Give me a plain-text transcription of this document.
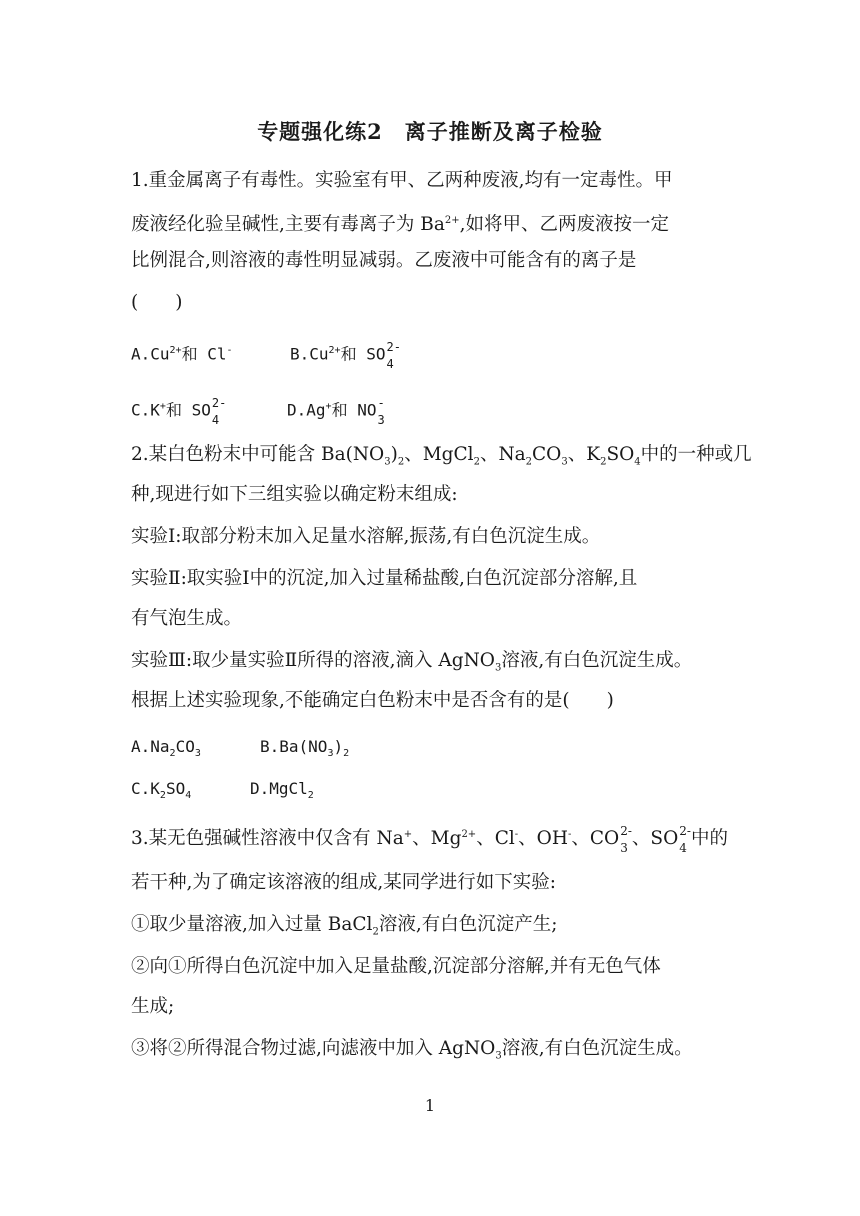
专题强化练2　离子推断及离子检验
1.重金属离子有毒性。实验室有甲、乙两种废液,均有一定毒性。甲
废液经化验呈碱性,主要有毒离子为 $Ba^{2+}$,如将甲、乙两废液按一定
比例混合,则溶液的毒性明显减弱。乙废液中可能含有的离子是
(　　)
$A.Cu^{2+}$和 Cl-	$B.Cu^{2+}$和 SO 2-
4
C.K+和 SO 2-
4
D.Ag+和 NO -
3
2.某白色粉末中可能含 $Ba(NO_3)_2$、MgCl$_2$、$Na_2CO_3$、$K_2SO_4$中的一种或几
种,现进行如下三组实验以确定粉末组成:
实验Ⅰ:取部分粉末加入足量水溶解,振荡,有白色沉淀生成。
实验Ⅱ:取实验Ⅰ中的沉淀,加入过量稀盐酸,白色沉淀部分溶解,且
有气泡生成。
实验Ⅲ:取少量实验Ⅱ所得的溶液,滴入 AgNO$_3$溶液,有白色沉淀生成。
根据上述实验现象,不能确定白色粉末中是否含有的是(　　)
$A.Na_2CO_3$	$B.Ba(NO_3)_2$
$C.K_2SO_4$	D.MgCl$_2$
3.某无色强碱性溶液中仅含有 Na+、$Mg^{2+}$、Cl-、OH-、CO 2-
3 、SO 2-
4 中的
若干种,为了确定该溶液的组成,某同学进行如下实验:
①取少量溶液,加入过量 BaCl$_2$溶液,有白色沉淀产生;
②向①所得白色沉淀中加入足量盐酸,沉淀部分溶解,并有无色气体
生成;
③将②所得混合物过滤,向滤液中加入 AgNO$_3$溶液,有白色沉淀生成。
1
